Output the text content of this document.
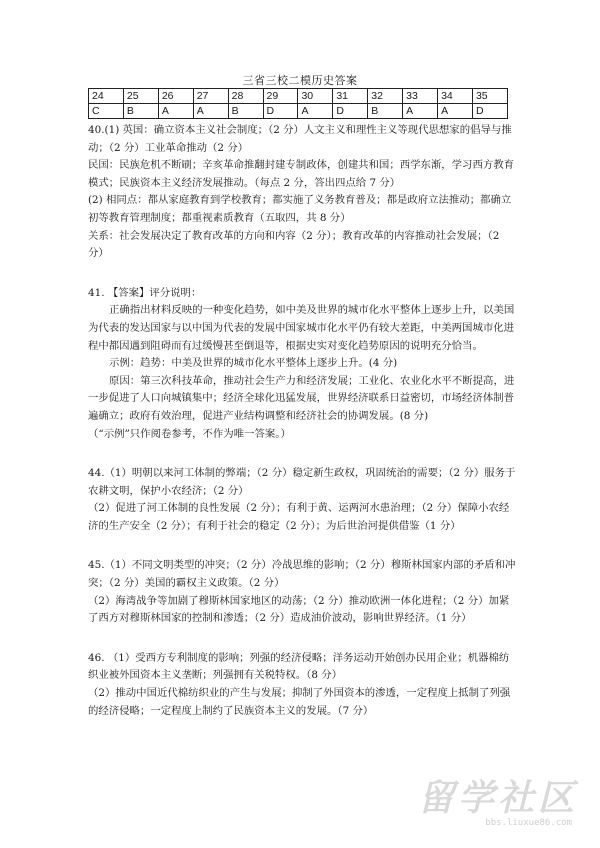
三省三校二模历史答案
24	25	26	27	28	29	30	31	32	33	34	35
C	B	A	A	B	D	A	D	B	A	A	D

40.(1) 英国：确立资本主义社会制度；（2 分）人文主义和理性主义等现代思想家的倡导与推动；（2 分）工业革命推动（2 分）

民国：民族危机不断刷；辛亥革命推翻封建专制政体，创建共和国；西学东渐，学习西方教育模式；民族资本主义经济发展推动。（每点 2 分，答出四点给 7 分）

(2) 相同点：都从家庭教育到学校教育；都实施了义务教育普及；都是政府立法推动；都确立初等教育管理制度；都重视素质教育（五取四，共 8 分）

关系：社会发展决定了教育改革的方向和内容（2 分）；教育改革的内容推动社会发展；（2 分）

41. 【答案】评分说明：

正确指出材料反映的一种变化趋势，如中美及世界的城市化水平整体上逐步上升，以美国为代表的发达国家与以中国为代表的发展中国家城市化水平仍有较大差距，中美两国城市化进程中都因遇到阻碍而有过缓慢甚至倒退等，根据史实对变化趋势原因的说明充分恰当。

示例：趋势：中美及世界的城市化水平整体上逐步上升。(4 分)

原因：第三次科技革命，推动社会生产力和经济发展；工业化、农业化水平不断提高，进一步促进了人口向城镇集中；经济全球化迅猛发展，世界经济联系日益密切，市场经济体制普遍确立；政府有效治理，促进产业结构调整和经济社会的协调发展。(8 分)

（“示例”只作阅卷参考，不作为唯一答案。）

44.（1）明朝以来河工体制的弊端；（2 分）稳定新生政权，巩固统治的需要；（2 分）服务于农耕文明，保护小农经济；（2 分）

（2）促进了河工体制的良性发展（2 分）；有利于黄、运两河水患治理；（2 分）保障小农经济的生产安全（2 分）；有利于社会的稳定（2 分）；为后世治河提供借鉴（1 分）

45.（1）不同文明类型的冲突；（2 分）冷战思维的影响；（2 分）穆斯林国家内部的矛盾和冲突；（2 分）美国的霸权主义政策。（2 分）

（2）海湾战争等加剧了穆斯林国家地区的动荡；（2 分）推动欧洲一体化进程；（2 分）加紧了西方对穆斯林国家的控制和渗透；（2 分）造成油价波动，影响世界经济。（1 分）

46. （1）受西方专利制度的影响；列强的经济侵略；洋务运动开始创办民用企业；机器棉纺织业被外国资本主义垄断；列强拥有关税特权。（8 分）

（2）推动中国近代棉纺织业的产生与发展；抑制了外国资本的渗透，一定程度上抵制了列强的经济侵略；一定程度上制约了民族资本主义的发展。（7 分）

留学社区
bbs.liuxue86.com
